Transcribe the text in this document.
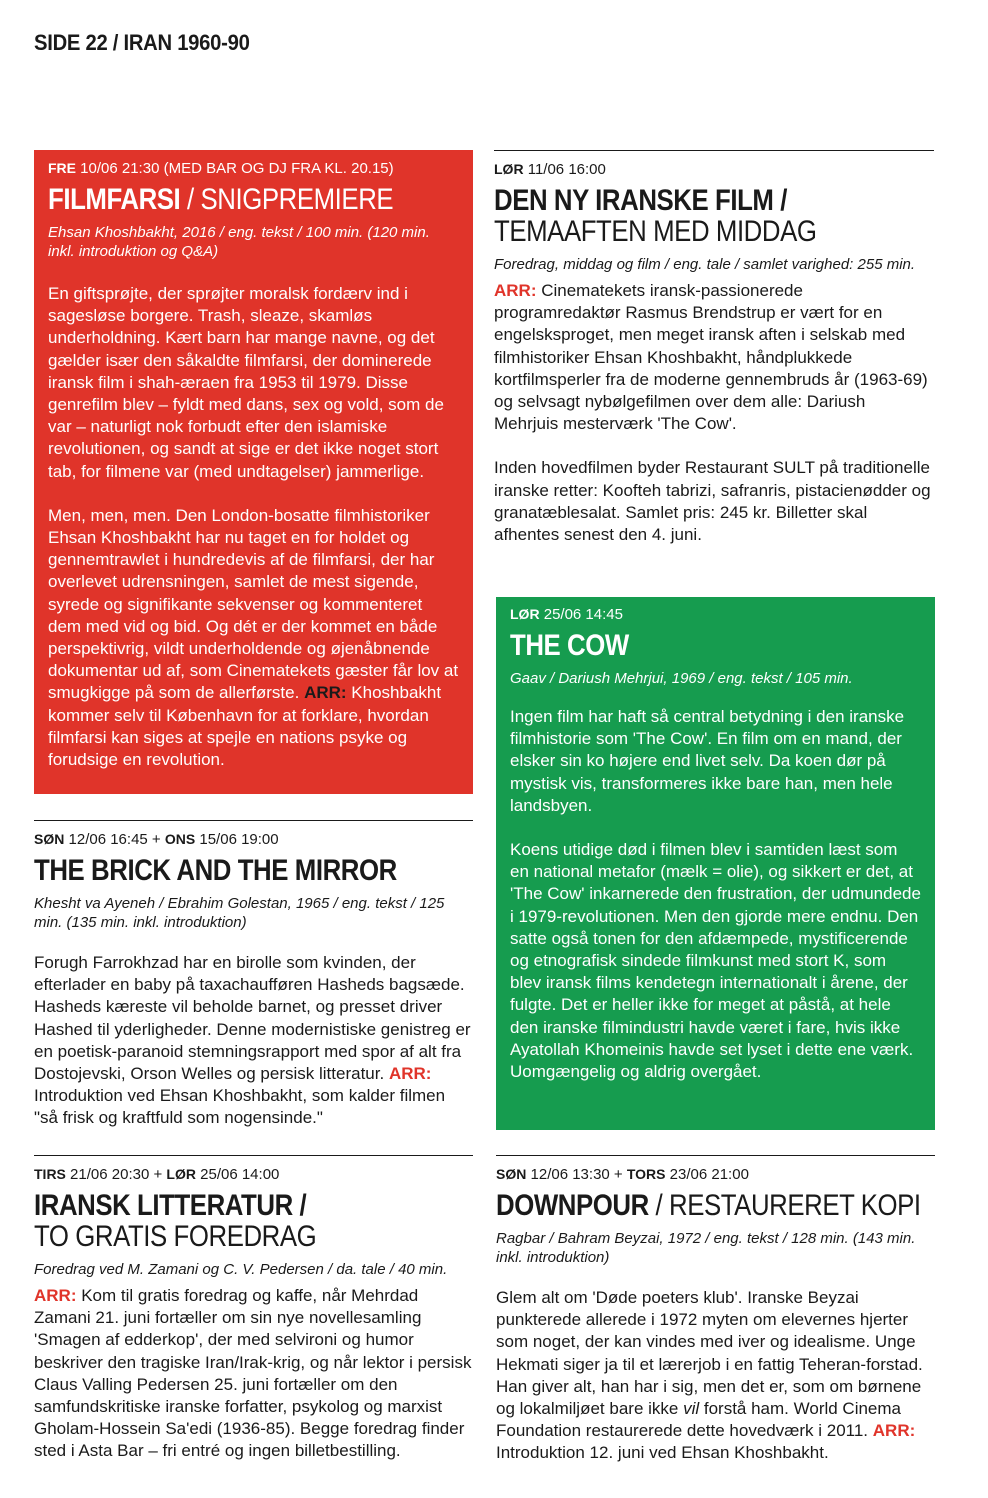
SIDE 22 / IRAN 1960-90

FRE 10/06 21:30 (MED BAR OG DJ FRA KL. 20.15)

FILMFARSI / SNIGPREMIERE

Ehsan Khoshbakht, 2016 / eng. tekst / 100 min. (120 min. inkl. introduktion og Q&A)

En giftsprøjte, der sprøjter moralsk fordærv ind i sagesløse borgere. Trash, sleaze, skamløs underholdning. Kært barn har mange navne, og det gælder især den såkaldte filmfarsi, der dominerede iransk film i shah-æraen fra 1953 til 1979. Disse genrefilm blev – fyldt med dans, sex og vold, som de var – naturligt nok forbudt efter den islamiske revolutionen, og sandt at sige er det ikke noget stort tab, for filmene var (med undtagelser) jammerlige.

Men, men, men. Den London-bosatte filmhistoriker Ehsan Khoshbakht har nu taget en for holdet og gennemtrawlet i hundredevis af de filmfarsi, der har overlevet udrensningen, samlet de mest sigende, syrede og signifikante sekvenser og kommenteret dem med vid og bid. Og dét er der kommet en både perspektivrig, vildt underholdende og øjenåbnende dokumentar ud af, som Cinematekets gæster får lov at smugkigge på som de allerførste. ARR: Khoshbakht kommer selv til København for at forklare, hvordan filmfarsi kan siges at spejle en nations psyke og forudsige en revolution.

LØR 11/06 16:00

DEN NY IRANSKE FILM /

TEMAAFTEN MED MIDDAG

Foredrag, middag og film / eng. tale / samlet varighed: 255 min.

ARR: Cinematekets iransk-passionerede programredaktør Rasmus Brendstrup er vært for en engelsksproget, men meget iransk aften i selskab med filmhistoriker Ehsan Khoshbakht, håndplukkede kortfilmsperler fra de moderne gennembruds år (1963-69) og selvsagt nybølgefilmen over dem alle: Dariush Mehrjuis mesterværk 'The Cow'.

Inden hovedfilmen byder Restaurant SULT på traditionelle iranske retter: Koofteh tabrizi, safranris, pistacienødder og granatæblesalat. Samlet pris: 245 kr. Billetter skal afhentes senest den 4. juni.

LØR 25/06 14:45

THE COW

Gaav / Dariush Mehrjui, 1969 / eng. tekst / 105 min.

Ingen film har haft så central betydning i den iranske filmhistorie som 'The Cow'. En film om en mand, der elsker sin ko højere end livet selv. Da koen dør på mystisk vis, transformeres ikke bare han, men hele landsbyen.

Koens utidige død i filmen blev i samtiden læst som en national metafor (mælk = olie), og sikkert er det, at 'The Cow' inkarnerede den frustration, der udmundede i 1979-revolutionen. Men den gjorde mere endnu. Den satte også tonen for den afdæmpede, mystificerende og etnografisk sindede filmkunst med stort K, som blev iransk films kendetegn internationalt i årene, der fulgte. Det er heller ikke for meget at påstå, at hele den iranske filmindustri havde været i fare, hvis ikke Ayatollah Khomeinis havde set lyset i dette ene værk. Uomgængelig og aldrig overgået.

SØN 12/06 16:45 + ONS 15/06 19:00

THE BRICK AND THE MIRROR

Khesht va Ayeneh / Ebrahim Golestan, 1965 / eng. tekst / 125 min. (135 min. inkl. introduktion)

Forugh Farrokhzad har en birolle som kvinden, der efterlader en baby på taxachaufføren Hasheds bagsæde. Hasheds kæreste vil beholde barnet, og presset driver Hashed til yderligheder. Denne modernistiske genistreg er en poetisk-paranoid stemningsrapport med spor af alt fra Dostojevski, Orson Welles og persisk litteratur. ARR: Introduktion ved Ehsan Khoshbakht, som kalder filmen "så frisk og kraftfuld som nogensinde."

TIRS 21/06 20:30 + LØR 25/06 14:00

IRANSK LITTERATUR /

TO GRATIS FOREDRAG

Foredrag ved M. Zamani og C. V. Pedersen / da. tale / 40 min.

ARR: Kom til gratis foredrag og kaffe, når Mehrdad Zamani 21. juni fortæller om sin nye novellesamling 'Smagen af edderkop', der med selvironi og humor beskriver den tragiske Iran/Irak-krig, og når lektor i persisk Claus Valling Pedersen 25. juni fortæller om den samfundskritiske iranske forfatter, psykolog og marxist Gholam-Hossein Sa'edi (1936-85). Begge foredrag finder sted i Asta Bar – fri entré og ingen billetbestilling.

SØN 12/06 13:30 + TORS 23/06 21:00

DOWNPOUR / RESTAURERET KOPI

Ragbar / Bahram Beyzai, 1972 / eng. tekst / 128 min. (143 min. inkl. introduktion)

Glem alt om 'Døde poeters klub'. Iranske Beyzai punkterede allerede i 1972 myten om elevernes hjerter som noget, der kan vindes med iver og idealisme. Unge Hekmati siger ja til et lærerjob i en fattig Teheran-forstad. Han giver alt, han har i sig, men det er, som om børnene og lokalmiljøet bare ikke vil forstå ham. World Cinema Foundation restaurerede dette hovedværk i 2011. ARR: Introduktion 12. juni ved Ehsan Khoshbakht.
